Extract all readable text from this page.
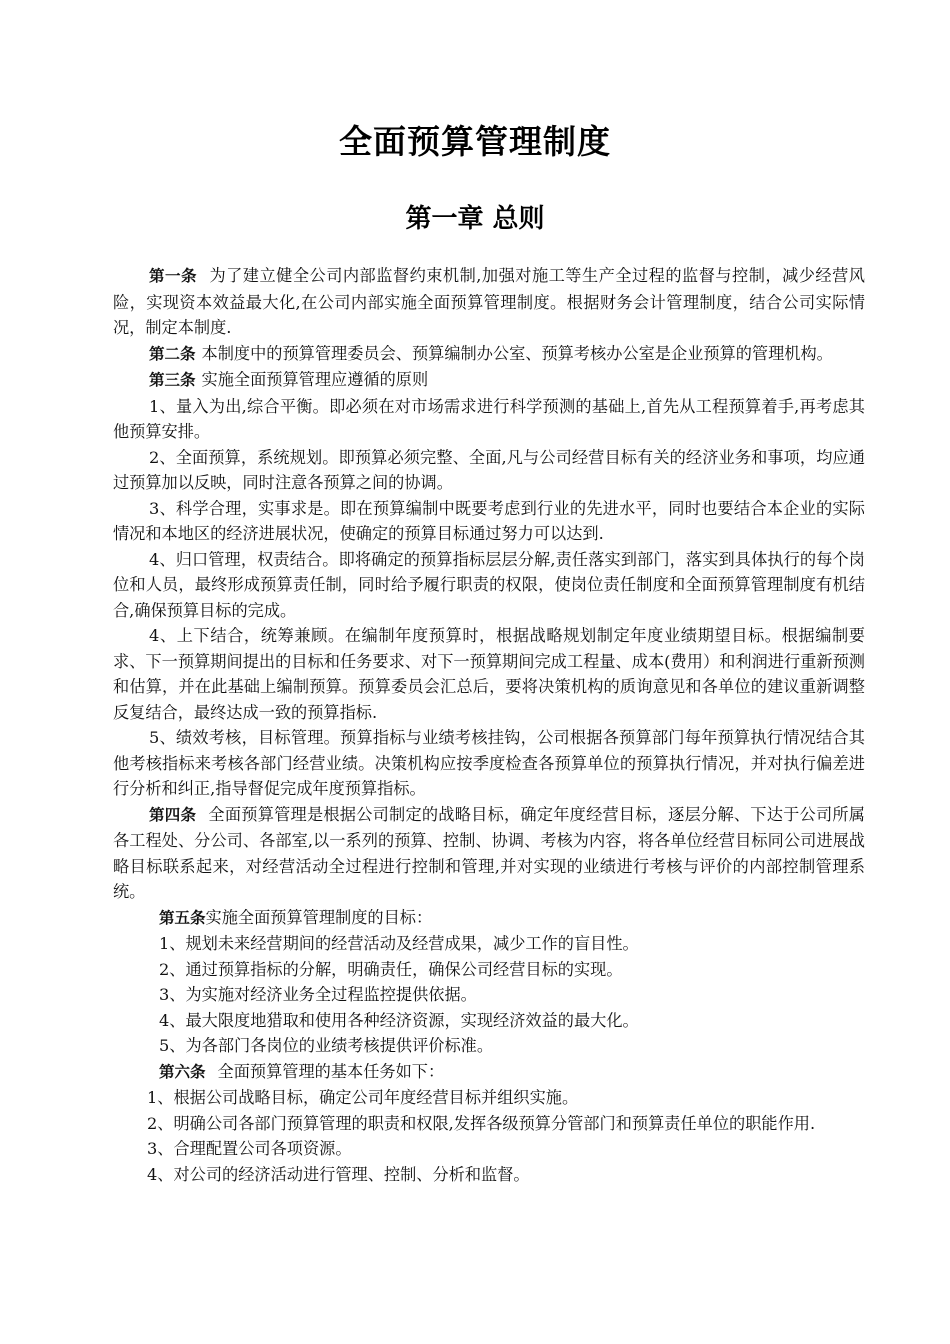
全面预算管理制度
第一章 总则

第一条 为了建立健全公司内部监督约束机制,加强对施工等生产全过程的监督与控制，减少经营风险，实现资本效益最大化,在公司内部实施全面预算管理制度。根据财务会计管理制度，结合公司实际情况，制定本制度.

第二条 本制度中的预算管理委员会、预算编制办公室、预算考核办公室是企业预算的管理机构。

第三条 实施全面预算管理应遵循的原则

1、量入为出,综合平衡。即必须在对市场需求进行科学预测的基础上,首先从工程预算着手,再考虑其他预算安排。

2、全面预算，系统规划。即预算必须完整、全面,凡与公司经营目标有关的经济业务和事项，均应通过预算加以反映，同时注意各预算之间的协调。

3、科学合理，实事求是。即在预算编制中既要考虑到行业的先进水平，同时也要结合本企业的实际情况和本地区的经济进展状况，使确定的预算目标通过努力可以达到.

4、归口管理，权责结合。即将确定的预算指标层层分解,责任落实到部门，落实到具体执行的每个岗位和人员，最终形成预算责任制，同时给予履行职责的权限，使岗位责任制度和全面预算管理制度有机结合,确保预算目标的完成。

4、上下结合，统筹兼顾。在编制年度预算时，根据战略规划制定年度业绩期望目标。根据编制要求、下一预算期间提出的目标和任务要求、对下一预算期间完成工程量、成本(费用）和利润进行重新预测和估算，并在此基础上编制预算。预算委员会汇总后，要将决策机构的质询意见和各单位的建议重新调整反复结合，最终达成一致的预算指标.

5、绩效考核，目标管理。预算指标与业绩考核挂钩，公司根据各预算部门每年预算执行情况结合其他考核指标来考核各部门经营业绩。决策机构应按季度检查各预算单位的预算执行情况，并对执行偏差进行分析和纠正,指导督促完成年度预算指标。

第四条 全面预算管理是根据公司制定的战略目标，确定年度经营目标，逐层分解、下达于公司所属各工程处、分公司、各部室,以一系列的预算、控制、协调、考核为内容，将各单位经营目标同公司进展战略目标联系起来，对经营活动全过程进行控制和管理,并对实现的业绩进行考核与评价的内部控制管理系统。

第五条实施全面预算管理制度的目标：

1、规划未来经营期间的经营活动及经营成果，减少工作的盲目性。

2、通过预算指标的分解，明确责任，确保公司经营目标的实现。

3、为实施对经济业务全过程监控提供依据。

4、最大限度地猎取和使用各种经济资源，实现经济效益的最大化。

5、为各部门各岗位的业绩考核提供评价标准。

第六条 全面预算管理的基本任务如下：

1、根据公司战略目标，确定公司年度经营目标并组织实施。

2、明确公司各部门预算管理的职责和权限,发挥各级预算分管部门和预算责任单位的职能作用.

3、合理配置公司各项资源。

4、对公司的经济活动进行管理、控制、分析和监督。
